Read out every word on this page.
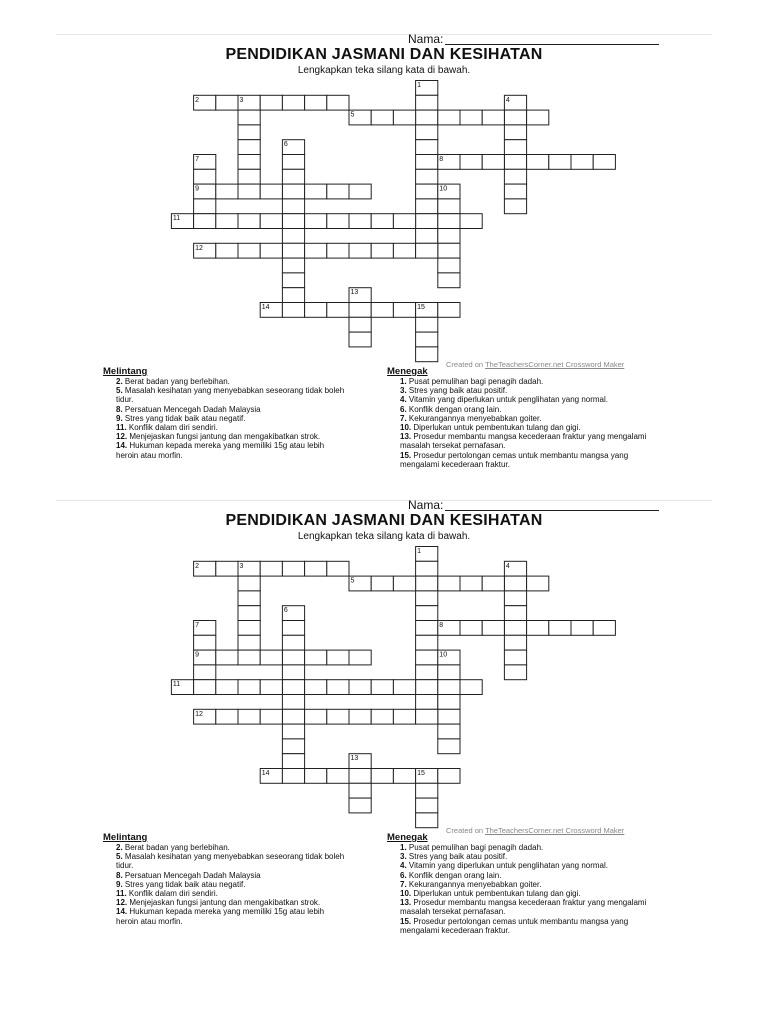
Nama:
PENDIDIKAN JASMANI DAN KESIHATAN
Lengkapkan teka silang kata di bawah.
1
2	3	4
5
6
7	8
9	10
11
12
13
14	15
Created on TheTeachersCorner.net Crossword Maker
Melintang
2. Berat badan yang berlebihan.
5. Masalah kesihatan yang menyebabkan seseorang tidak boleh tidur.
8. Persatuan Mencegah Dadah Malaysia
9. Stres yang tidak baik atau negatif.
11. Konflik dalam diri sendiri.
12. Menjejaskan fungsi jantung dan mengakibatkan strok.
14. Hukuman kepada mereka yang memiliki 15g atau lebih heroin atau morfin.
Menegak
1. Pusat pemulihan bagi penagih dadah.
3. Stres yang baik atau positif.
4. Vitamin yang diperlukan untuk penglihatan yang normal.
6. Konflik dengan orang lain.
7. Kekurangannya menyebabkan goiter.
10. Diperlukan untuk pembentukan tulang dan gigi.
13. Prosedur membantu mangsa kecederaan fraktur yang mengalami masalah tersekat pernafasan.
15. Prosedur pertolongan cemas untuk membantu mangsa yang mengalami kecederaan fraktur.
Nama:
PENDIDIKAN JASMANI DAN KESIHATAN
Lengkapkan teka silang kata di bawah.
1
2	3	4
5
6
7	8
9	10
11
12
13
14	15
Created on TheTeachersCorner.net Crossword Maker
Melintang
2. Berat badan yang berlebihan.
5. Masalah kesihatan yang menyebabkan seseorang tidak boleh tidur.
8. Persatuan Mencegah Dadah Malaysia
9. Stres yang tidak baik atau negatif.
11. Konflik dalam diri sendiri.
12. Menjejaskan fungsi jantung dan mengakibatkan strok.
14. Hukuman kepada mereka yang memiliki 15g atau lebih heroin atau morfin.
Menegak
1. Pusat pemulihan bagi penagih dadah.
3. Stres yang baik atau positif.
4. Vitamin yang diperlukan untuk penglihatan yang normal.
6. Konflik dengan orang lain.
7. Kekurangannya menyebabkan goiter.
10. Diperlukan untuk pembentukan tulang dan gigi.
13. Prosedur membantu mangsa kecederaan fraktur yang mengalami masalah tersekat pernafasan.
15. Prosedur pertolongan cemas untuk membantu mangsa yang mengalami kecederaan fraktur.
